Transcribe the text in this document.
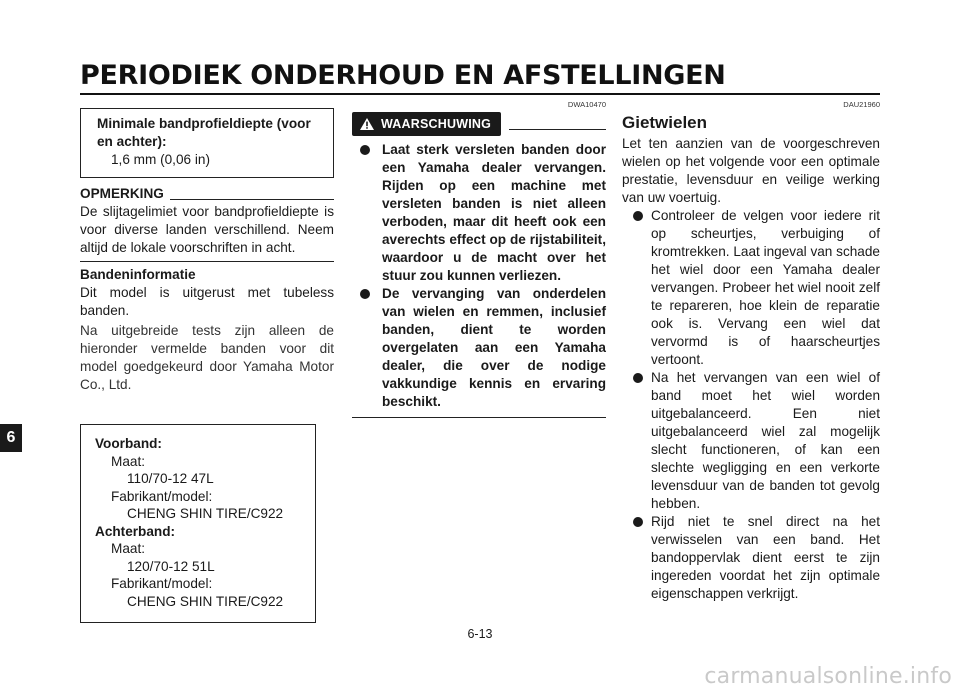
PERIODIEK ONDERHOUD EN AFSTELLINGEN
6
Minimale bandprofieldiepte (voor en achter):
1,6 mm (0,06 in)
OPMERKING
De slijtagelimiet voor bandprofieldiepte is voor diverse landen verschillend. Neem altijd de lokale voorschriften in acht.
Bandeninformatie
Dit model is uitgerust met tubeless banden.
Na uitgebreide tests zijn alleen de hieronder vermelde banden voor dit model goedgekeurd door Yamaha Motor Co., Ltd.
Voorband:
Maat:
110/70-12 47L
Fabrikant/model:
CHENG SHIN TIRE/C922
Achterband:
Maat:
120/70-12 51L
Fabrikant/model:
CHENG SHIN TIRE/C922
DWA10470
WAARSCHUWING
Laat sterk versleten banden door een Yamaha dealer vervangen. Rijden op een machine met versleten banden is niet alleen verboden, maar dit heeft ook een averechts effect op de rijstabiliteit, waardoor u de macht over het stuur zou kunnen verliezen.
De vervanging van onderdelen van wielen en remmen, inclusief banden, dient te worden overgelaten aan een Yamaha dealer, die over de nodige vakkundige kennis en ervaring beschikt.
DAU21960
Gietwielen
Let ten aanzien van de voorgeschreven wielen op het volgende voor een optimale prestatie, levensduur en veilige werking van uw voertuig.
Controleer de velgen voor iedere rit op scheurtjes, verbuiging of kromtrekken. Laat ingeval van schade het wiel door een Yamaha dealer vervangen. Probeer het wiel nooit zelf te repareren, hoe klein de reparatie ook is. Vervang een wiel dat vervormd is of haarscheurtjes vertoont.
Na het vervangen van een wiel of band moet het wiel worden uitgebalanceerd. Een niet uitgebalanceerd wiel zal mogelijk slecht functioneren, of kan een slechte wegligging en een verkorte levensduur van de banden tot gevolg hebben.
Rijd niet te snel direct na het verwisselen van een band. Het bandoppervlak dient eerst te zijn ingereden voordat het zijn optimale eigenschappen verkrijgt.
6-13
carmanualsonline.info
